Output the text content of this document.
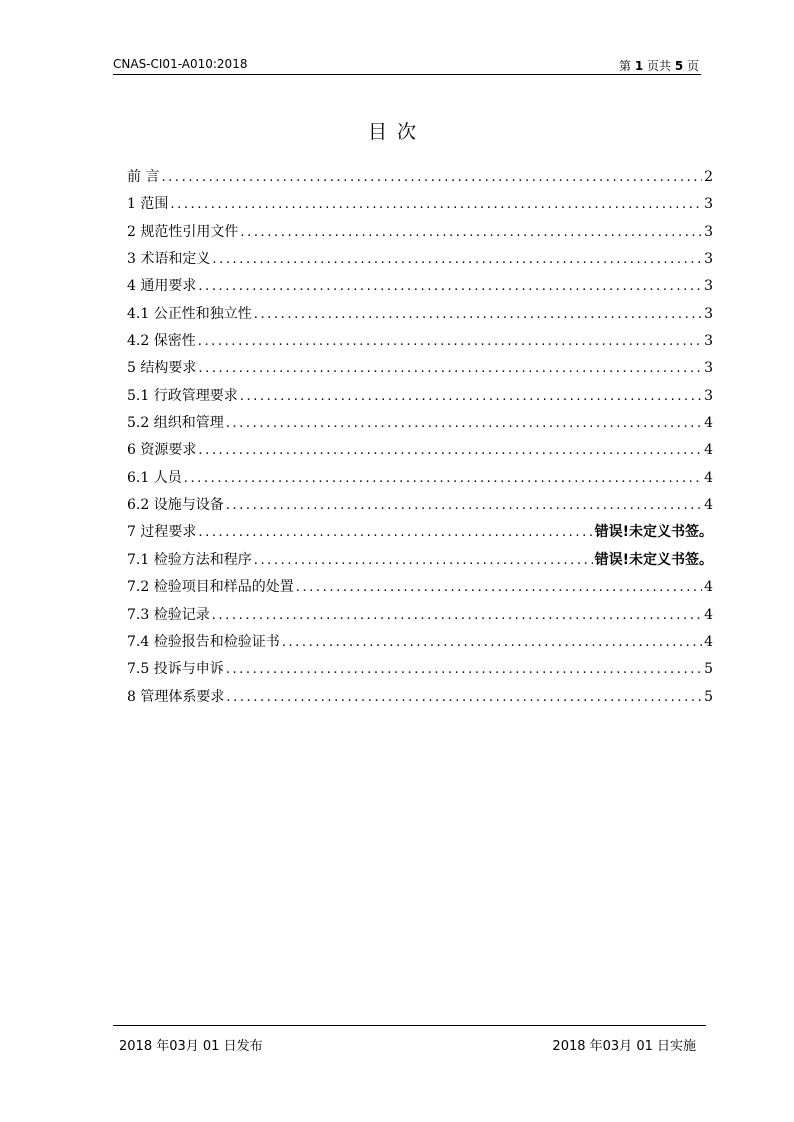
CNAS-CI01-A010:2018	第 1 页共 5 页
目次
前 言 .....	2
1 范围 .....	3
2 规范性引用文件 .....	3
3 术语和定义 .....	3
4 通用要求 .....	3
4.1 公正性和独立性 .....	3
4.2 保密性 .....	3
5 结构要求 .....	3
5.1 行政管理要求 .....	3
5.2 组织和管理 .....	4
6 资源要求 .....	4
6.1 人员 .....	4
6.2 设施与设备 .....	4
7 过程要求 .....	错误!未定义书签。
7.1 检验方法和程序 .....	错误!未定义书签。
7.2 检验项目和样品的处置 .....	4
7.3 检验记录 .....	4
7.4 检验报告和检验证书 .....	4
7.5 投诉与申诉 .....	5
8 管理体系要求 .....	5
2018 年03月 01 日发布	2018 年03月 01 日实施
